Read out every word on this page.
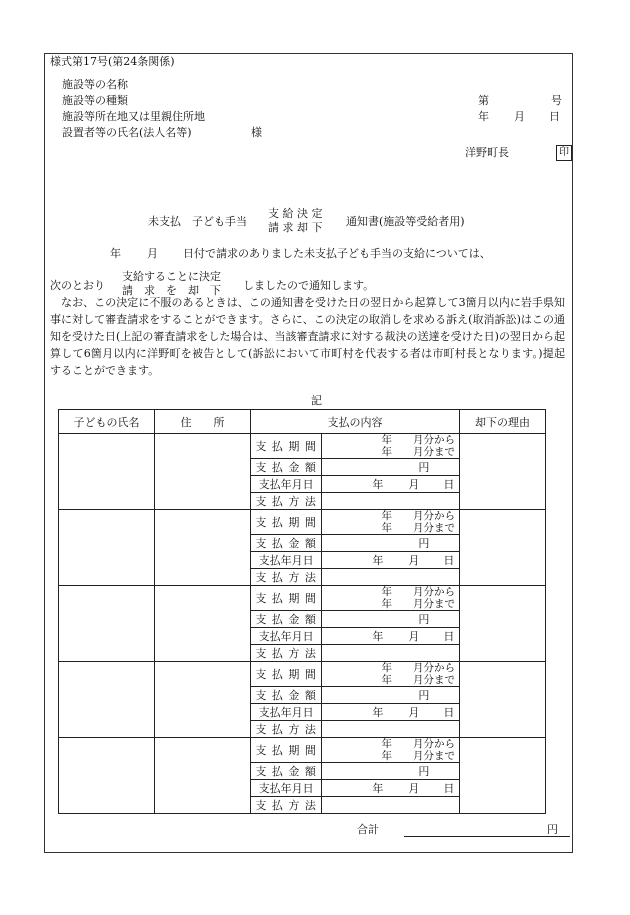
様式第17号(第24条関係)
施設等の名称
施設等の種類
施設等所在地又は里親住所地
設置者等の氏名(法人名等)	様
第	号
年 月 日
洋野町長	印
未支払　子ども手当
支 給 決 定
請 求 却 下 通知書(施設等受給者用)
年 月 日付で請求のありました未支払子ども手当の支給については、
次のとおり
支給することに決定
請　求　を　却　下 しましたので通知します。
なお、この決定に不服のあるときは、この通知書を受けた日の翌日から起算して3箇月以内に岩手県知事に対して審査請求をすることができます。さらに、この決定の取消しを求める訴え(取消訴訟)はこの通知を受けた日(上記の審査請求をした場合は、当該審査請求に対する裁決の送達を受けた日)の翌日から起算して6箇月以内に洋野町を被告として(訴訟において市町村を代表する者は市町村長となります。)提起することができます。
記
子どもの氏名	住　　所	支払の内容		却下の理由
		支 払 期 間	年　　月分から
年　　月分まで	

		支 払 金 額	円	

		支払年月日	年 月 日	

		支 払 方 法		
		支 払 期 間	年　　月分から
年　　月分まで	

		支 払 金 額	円	

		支払年月日	年 月 日	

		支 払 方 法		
		支 払 期 間	年　　月分から
年　　月分まで	

		支 払 金 額	円	

		支払年月日	年 月 日	

		支 払 方 法		
		支 払 期 間	年　　月分から
年　　月分まで	

		支 払 金 額	円	

		支払年月日	年 月 日	

		支 払 方 法		
		支 払 期 間	年　　月分から
年　　月分まで	

		支 払 金 額	円	

		支払年月日	年 月 日	

		支 払 方 法		
合計	円
